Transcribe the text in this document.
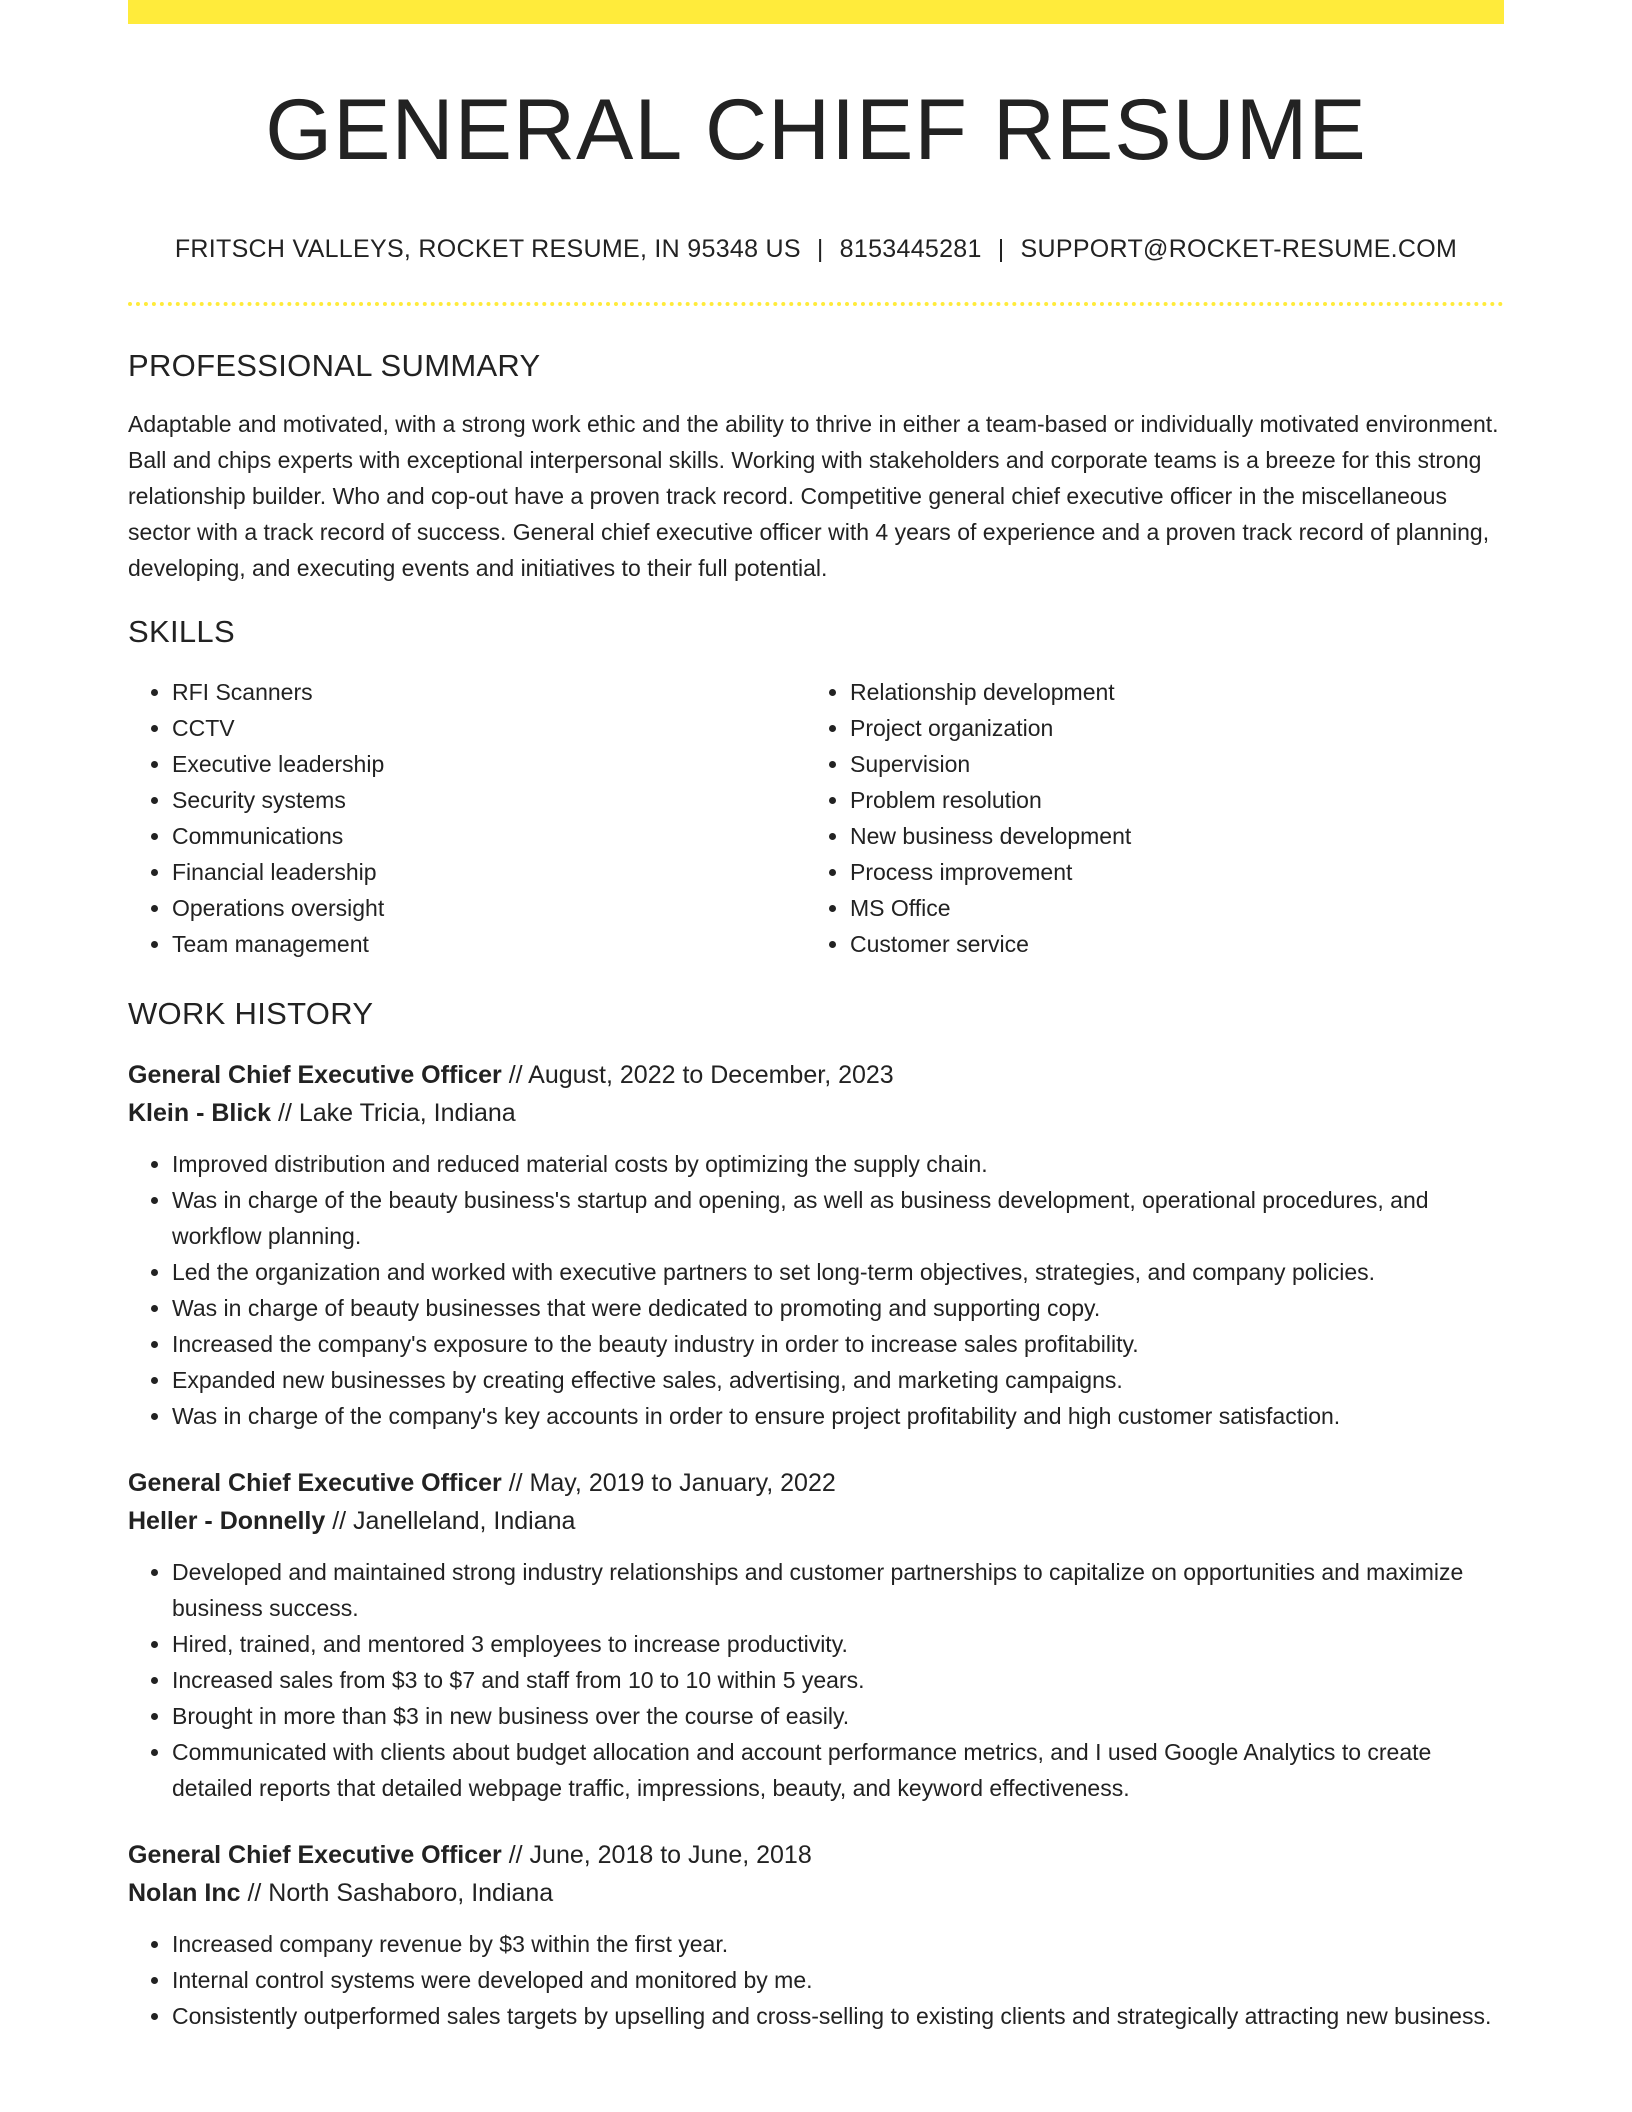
GENERAL CHIEF RESUME
FRITSCH VALLEYS, ROCKET RESUME, IN 95348 US | 8153445281 | SUPPORT@ROCKET-RESUME.COM
PROFESSIONAL SUMMARY

Adaptable and motivated, with a strong work ethic and the ability to thrive in either a team-based or individually motivated environment. Ball and chips experts with exceptional interpersonal skills. Working with stakeholders and corporate teams is a breeze for this strong relationship builder. Who and cop-out have a proven track record. Competitive general chief executive officer in the miscellaneous sector with a track record of success. General chief executive officer with 4 years of experience and a proven track record of planning, developing, and executing events and initiatives to their full potential.

SKILLS
• RFI Scanners
• CCTV
• Executive leadership
• Security systems
• Communications
• Financial leadership
• Operations oversight
• Team management
• Relationship development
• Project organization
• Supervision
• Problem resolution
• New business development
• Process improvement
• MS Office
• Customer service
WORK HISTORY
General Chief Executive Officer // August, 2022 to December, 2023
Klein - Blick // Lake Tricia, Indiana
• Improved distribution and reduced material costs by optimizing the supply chain.
• Was in charge of the beauty business's startup and opening, as well as business development, operational procedures, and workflow planning.
• Led the organization and worked with executive partners to set long-term objectives, strategies, and company policies.
• Was in charge of beauty businesses that were dedicated to promoting and supporting copy.
• Increased the company's exposure to the beauty industry in order to increase sales profitability.
• Expanded new businesses by creating effective sales, advertising, and marketing campaigns.
• Was in charge of the company's key accounts in order to ensure project profitability and high customer satisfaction.
General Chief Executive Officer // May, 2019 to January, 2022
Heller - Donnelly // Janelleland, Indiana
• Developed and maintained strong industry relationships and customer partnerships to capitalize on opportunities and maximize business success.
• Hired, trained, and mentored 3 employees to increase productivity.
• Increased sales from $3 to $7 and staff from 10 to 10 within 5 years.
• Brought in more than $3 in new business over the course of easily.
• Communicated with clients about budget allocation and account performance metrics, and I used Google Analytics to create detailed reports that detailed webpage traffic, impressions, beauty, and keyword effectiveness.
General Chief Executive Officer // June, 2018 to June, 2018
Nolan Inc // North Sashaboro, Indiana
• Increased company revenue by $3 within the first year.
• Internal control systems were developed and monitored by me.
• Consistently outperformed sales targets by upselling and cross-selling to existing clients and strategically attracting new business.
